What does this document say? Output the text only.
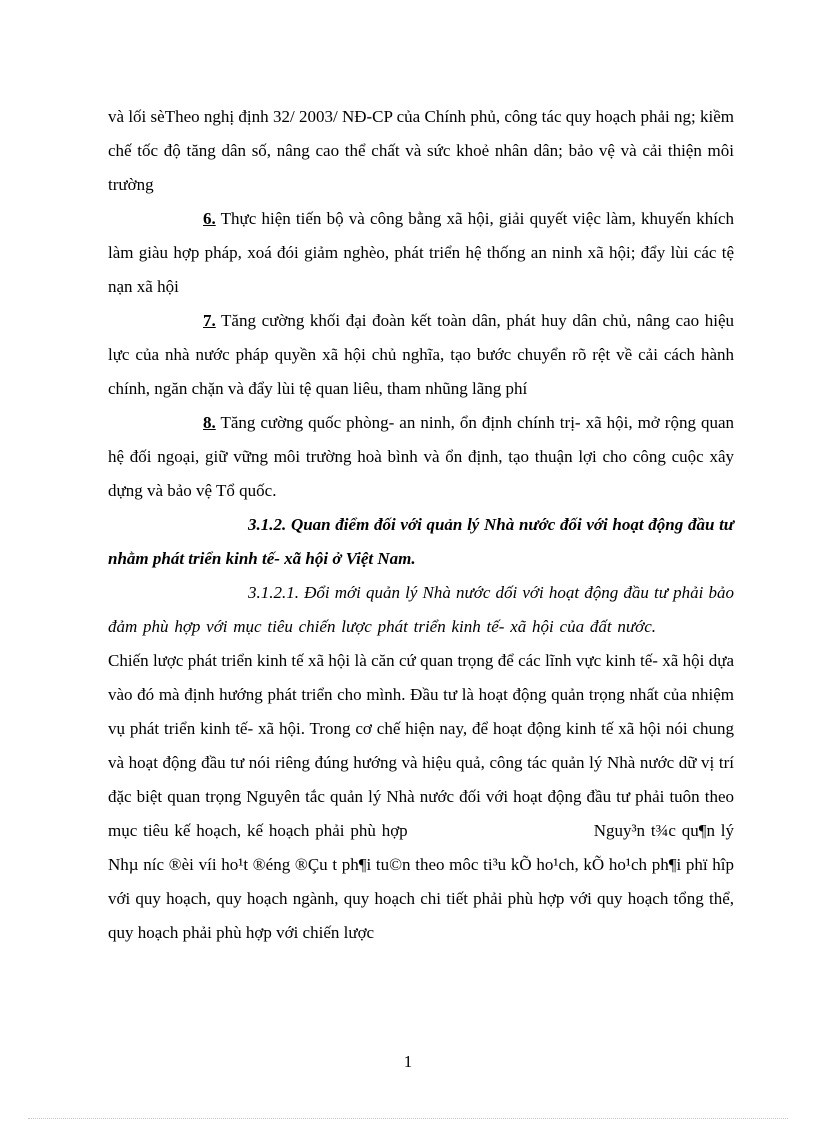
và lối sèTheo nghị định 32/ 2003/ NĐ-CP của Chính phủ, công tác quy hoạch phải ng; kiềm chế tốc độ tăng dân số, nâng cao thể chất và sức khoẻ nhân dân; bảo vệ và cải thiện môi trường

6. Thực hiện tiến bộ và công bằng xã hội, giải quyết việc làm, khuyến khích làm giàu hợp pháp, xoá đói giảm nghèo, phát triển hệ thống an ninh xã hội; đẩy lùi các tệ nạn xã hội

7. Tăng cường khối đại đoàn kết toàn dân, phát huy dân chủ, nâng cao hiệu lực của nhà nước pháp quyền xã hội chủ nghĩa, tạo bước chuyển rõ rệt về cải cách hành chính, ngăn chặn và đẩy lùi tệ quan liêu, tham nhũng lãng phí

8. Tăng cường quốc phòng- an ninh, ổn định chính trị- xã hội, mở rộng quan hệ đối ngoại, giữ vững môi trường hoà bình và ổn định, tạo thuận lợi cho công cuộc xây dựng và bảo vệ Tổ quốc.

3.1.2. Quan điểm đối với quản lý Nhà nước đối với hoạt động đầu tư nhằm phát triển kinh tế- xã hội ở Việt Nam.

3.1.2.1. Đổi mới quản lý Nhà nước dối với hoạt động đầu tư phải bảo đảm phù hợp với mục tiêu chiến lược phát triển kinh tế- xã hội của đất nước.Chiến lược phát triển kinh tế xã hội là căn cứ quan trọng để các lĩnh vực kinh tế- xã hội dựa vào đó mà định hướng phát triển cho mình. Đầu tư là hoạt động quản trọng nhất của nhiệm vụ phát triển kinh tế- xã hội. Trong cơ chế hiện nay, để hoạt động kinh tế xã hội nói chung và hoạt động đầu tư nói riêng đúng hướng và hiệu quả, công tác quản lý Nhà nước dữ vị trí đặc biệt quan trọng Nguyên tắc quản lý Nhà nước đối với hoạt động đầu tư phải tuôn theo mục tiêu kế hoạch, kế hoạch phải phù hợp	Nguy³n t¾c qu¶n lý Nhµ níc ®èi víi ho¹t ®éng ®Çu t ph¶i tu©n theo môc ti³u kÕ ho¹ch, kÕ ho¹ch ph¶i phï hîp với quy hoạch, quy hoạch ngành, quy hoạch chi tiết phải phù hợp với quy hoạch tổng thể, quy hoạch phải phù hợp với chiến lược

1
